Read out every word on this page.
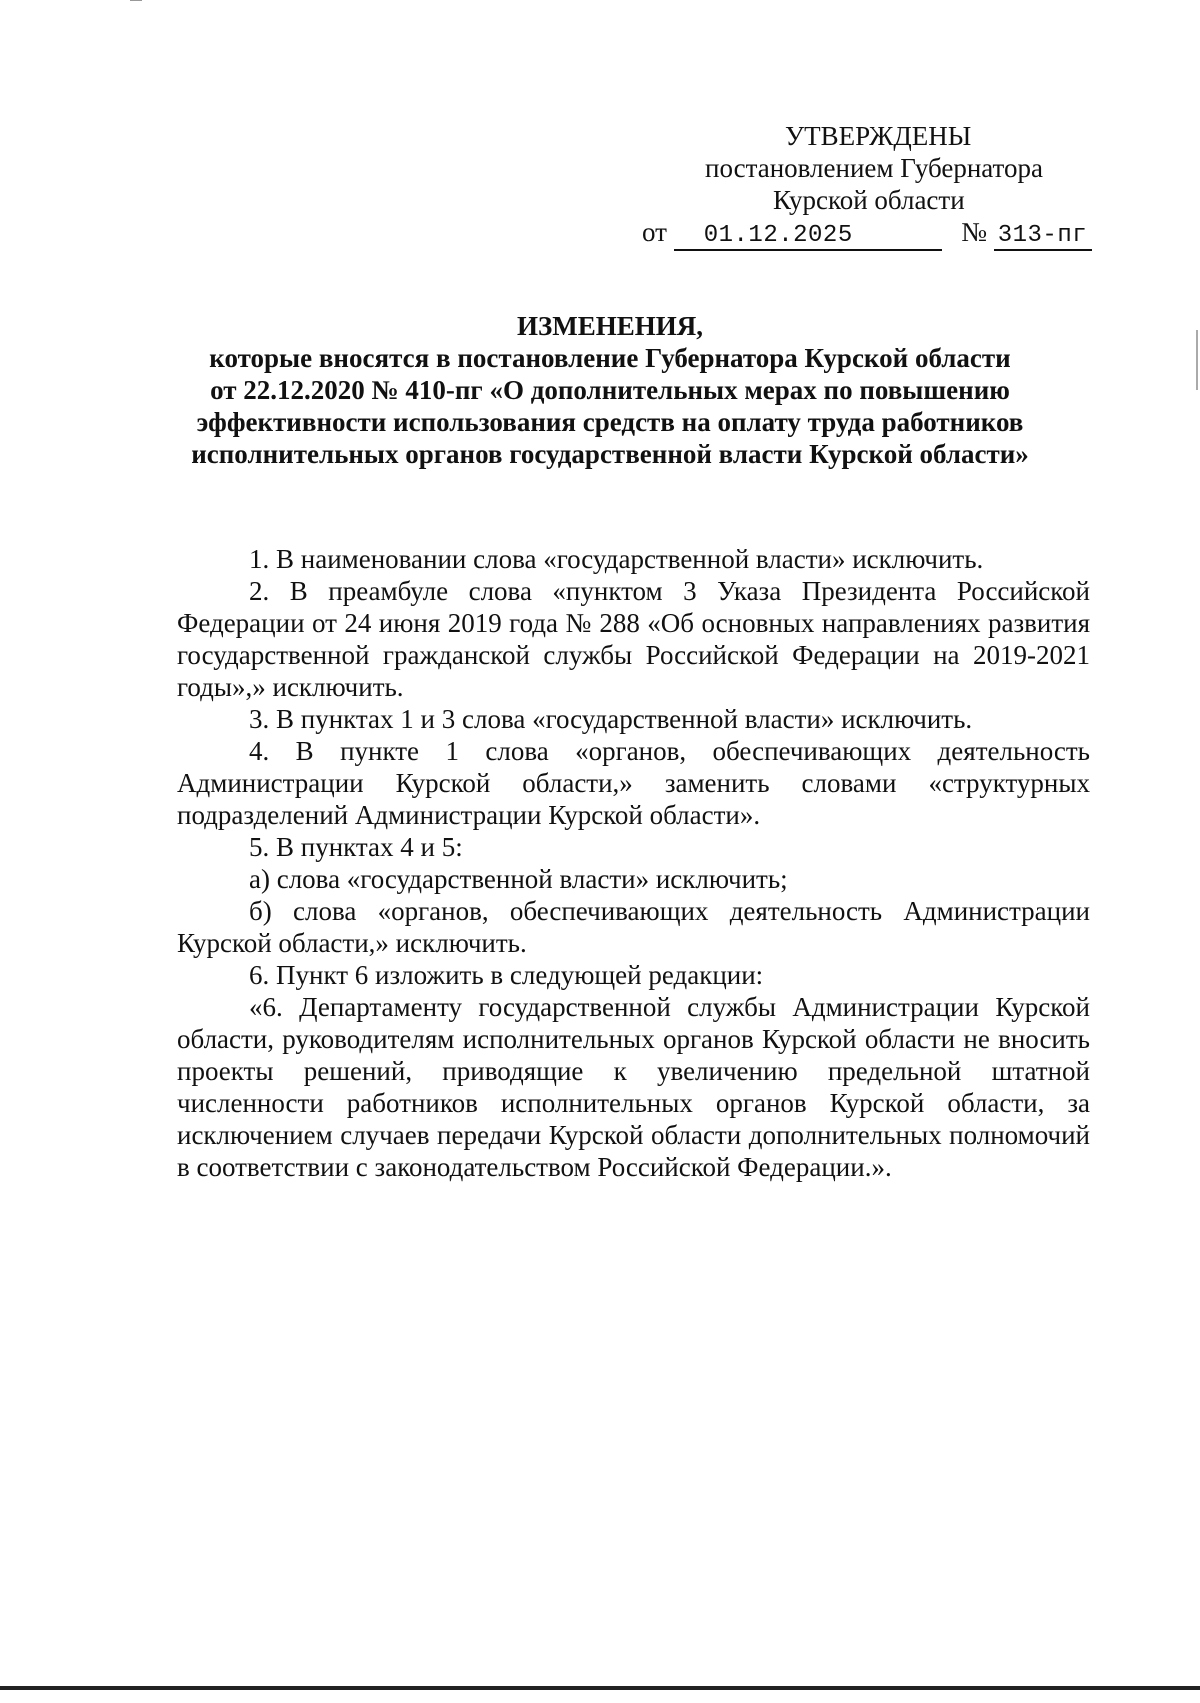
УТВЕРЖДЕНЫ
постановлением Губернатора
Курской области
от 01.12.2025	№ 313-пг
ИЗМЕНЕНИЯ,
которые вносятся в постановление Губернатора Курской области
от 22.12.2020 № 410-пг «О дополнительных мерах по повышению
эффективности использования средств на оплату труда работников
исполнительных органов государственной власти Курской области»

1. В наименовании слова «государственной власти» исключить.

2. В преамбуле слова «пунктом 3 Указа Президента Российской Федерации от 24 июня 2019 года № 288 «Об основных направлениях развития государственной гражданской службы Российской Федерации на 2019-2021 годы»,» исключить.

3. В пунктах 1 и 3 слова «государственной власти» исключить.

4. В пункте 1 слова «органов, обеспечивающих деятельность Администрации Курской области,» заменить словами «структурных подразделений Администрации Курской области».

5. В пунктах 4 и 5:

а) слова «государственной власти» исключить;

б) слова «органов, обеспечивающих деятельность Администрации Курской области,» исключить.

6. Пункт 6 изложить в следующей редакции:

«6. Департаменту государственной службы Администрации Курской области, руководителям исполнительных органов Курской области не вносить проекты решений, приводящие к увеличению предельной штатной численности работников исполнительных органов Курской области, за исключением случаев передачи Курской области дополнительных полномочий в соответствии с законодательством Российской Федерации.».
